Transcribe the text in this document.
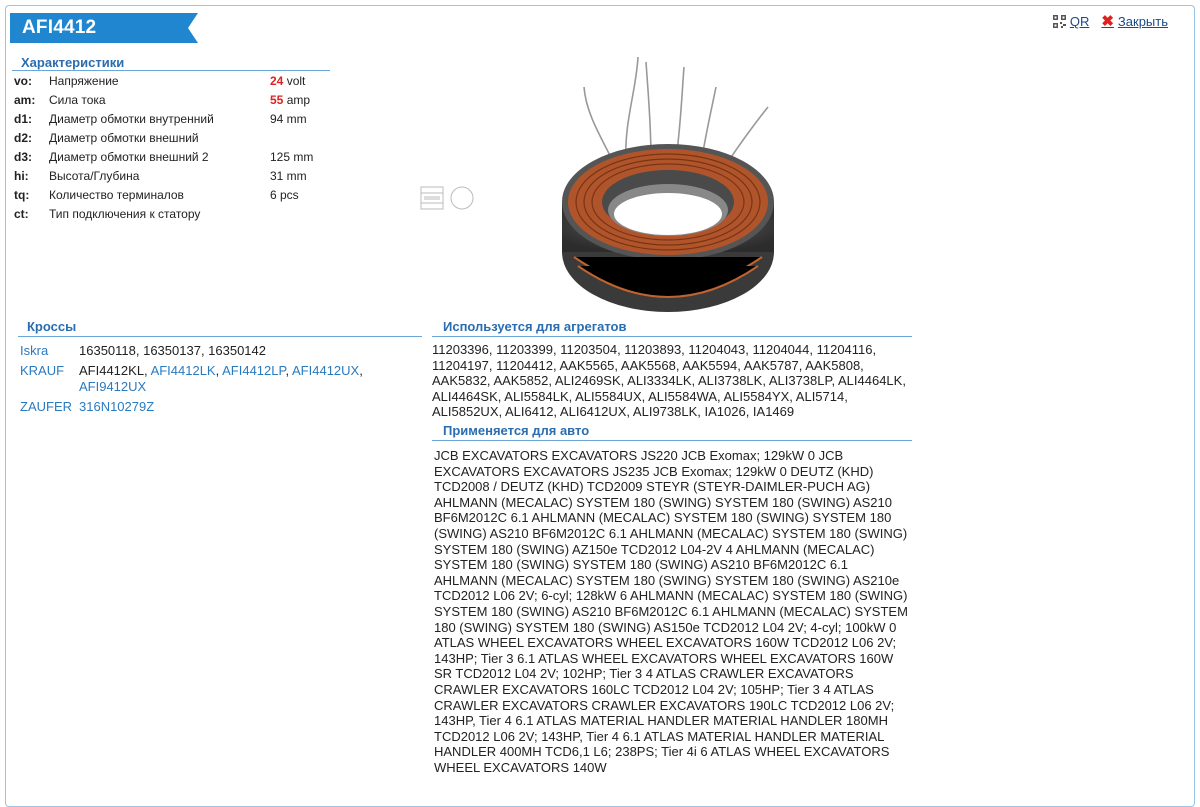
AFI4412	QR ✖ Закрыть
Характеристики
vo:	Напряжение	24 volt
am:	Сила тока	55 amp
d1:	Диаметр обмотки внутренний	94 mm
d2:	Диаметр обмотки внешний
d3:	Диаметр обмотки внешний 2	125 mm
hi:	Высота/Глубина	31 mm
tq:	Количество терминалов	6 pcs
ct:	Тип подключения к статору
Кроссы
Iskra	16350118, 16350137, 16350142
KRAUF	AFI4412KL, AFI4412LK, AFI4412LP, AFI4412UX, AFI9412UX
ZAUFER 316N10279Z
Используется для агрегатов
11203396, 11203399, 11203504, 11203893, 11204043, 11204044, 11204116, 11204197, 11204412, AAK5565, AAK5568, AAK5594, AAK5787, AAK5808, AAK5832, AAK5852, ALI2469SK, ALI3334LK, ALI3738LK, ALI3738LP, ALI4464LK, ALI4464SK, ALI5584LK, ALI5584UX, ALI5584WA, ALI5584YX, ALI5714, ALI5852UX, ALI6412, ALI6412UX, ALI9738LK, IA1026, IA1469
Применяется для авто
JCB EXCAVATORS EXCAVATORS JS220 JCB Exomax; 129kW 0 JCB EXCAVATORS EXCAVATORS JS235 JCB Exomax; 129kW 0 DEUTZ (KHD) TCD2008 / DEUTZ (KHD) TCD2009 STEYR (STEYR-DAIMLER-PUCH AG) AHLMANN (MECALAC) SYSTEM 180 (SWING) SYSTEM 180 (SWING) AS210 BF6M2012C 6.1 AHLMANN (MECALAC) SYSTEM 180 (SWING) SYSTEM 180 (SWING) AS210 BF6M2012C 6.1 AHLMANN (MECALAC) SYSTEM 180 (SWING) SYSTEM 180 (SWING) AZ150e TCD2012 L04-2V 4 AHLMANN (MECALAC) SYSTEM 180 (SWING) SYSTEM 180 (SWING) AS210 BF6M2012C 6.1 AHLMANN (MECALAC) SYSTEM 180 (SWING) SYSTEM 180 (SWING) AS210e TCD2012 L06 2V; 6-cyl; 128kW 6 AHLMANN (MECALAC) SYSTEM 180 (SWING) SYSTEM 180 (SWING) AS210 BF6M2012C 6.1 AHLMANN (MECALAC) SYSTEM 180 (SWING) SYSTEM 180 (SWING) AS150e TCD2012 L04 2V; 4-cyl; 100kW 0 ATLAS WHEEL EXCAVATORS WHEEL EXCAVATORS 160W TCD2012 L06 2V; 143HP; Tier 3 6.1 ATLAS WHEEL EXCAVATORS WHEEL EXCAVATORS 160W SR TCD2012 L04 2V; 102HP; Tier 3 4 ATLAS CRAWLER EXCAVATORS CRAWLER EXCAVATORS 160LC TCD2012 L04 2V; 105HP; Tier 3 4 ATLAS CRAWLER EXCAVATORS CRAWLER EXCAVATORS 190LC TCD2012 L06 2V; 143HP, Tier 4 6.1 ATLAS MATERIAL HANDLER MATERIAL HANDLER 180MH TCD2012 L06 2V; 143HP, Tier 4 6.1 ATLAS MATERIAL HANDLER MATERIAL HANDLER 400MH TCD6,1 L6; 238PS; Tier 4i 6 ATLAS WHEEL EXCAVATORS WHEEL EXCAVATORS 140W
